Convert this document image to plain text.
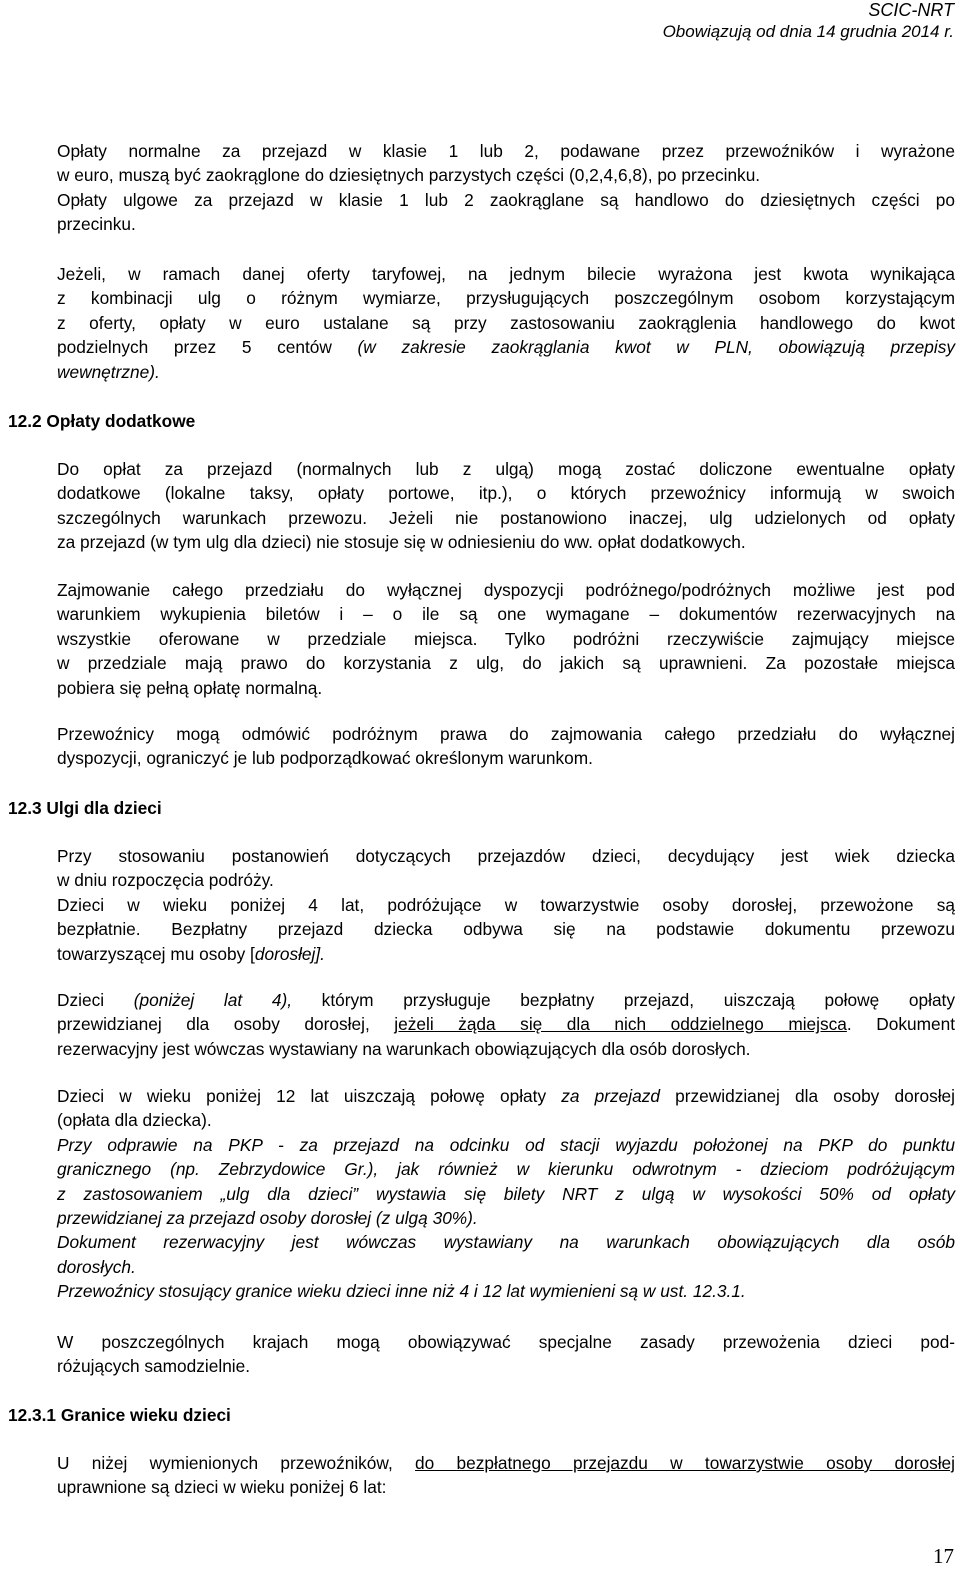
SCIC-NRT
Obowiązują od dnia 14 grudnia 2014 r.
Opłaty normalne za przejazd w klasie 1 lub 2, podawane przez przewoźników i wyrażone
w euro, muszą być zaokrąglone do dziesiętnych parzystych części (0,2,4,6,8), po przecinku.
Opłaty ulgowe za przejazd w klasie 1 lub 2 zaokrąglane są handlowo do dziesiętnych części po
przecinku.
Jeżeli, w ramach danej oferty taryfowej, na jednym bilecie wyrażona jest kwota wynikająca
z kombinacji ulg o różnym wymiarze, przysługujących poszczególnym osobom korzystającym
z oferty, opłaty w euro ustalane są przy zastosowaniu zaokrąglenia handlowego do kwot
podzielnych przez 5 centów (w zakresie zaokrąglania kwot w PLN, obowiązują przepisy
wewnętrzne).
12.2 Opłaty dodatkowe
Do opłat za przejazd (normalnych lub z ulgą) mogą zostać doliczone ewentualne opłaty
dodatkowe (lokalne taksy, opłaty portowe, itp.), o których przewoźnicy informują w swoich
szczególnych warunkach przewozu. Jeżeli nie postanowiono inaczej, ulg udzielonych od opłaty
za przejazd (w tym ulg dla dzieci) nie stosuje się w odniesieniu do ww. opłat dodatkowych.
Zajmowanie całego przedziału do wyłącznej dyspozycji podróżnego/podróżnych możliwe jest pod
warunkiem wykupienia biletów i – o ile są one wymagane – dokumentów rezerwacyjnych na
wszystkie oferowane w przedziale miejsca. Tylko podróżni rzeczywiście zajmujący miejsce
w przedziale mają prawo do korzystania z ulg, do jakich są uprawnieni. Za pozostałe miejsca
pobiera się pełną opłatę normalną.
Przewoźnicy mogą odmówić podróżnym prawa do zajmowania całego przedziału do wyłącznej
dyspozycji, ograniczyć je lub podporządkować określonym warunkom.
12.3 Ulgi dla dzieci
Przy stosowaniu postanowień dotyczących przejazdów dzieci, decydujący jest wiek dziecka
w dniu rozpoczęcia podróży.
Dzieci w wieku poniżej 4 lat, podróżujące w towarzystwie osoby dorosłej, przewożone są
bezpłatnie. Bezpłatny przejazd dziecka odbywa się na podstawie dokumentu przewozu
towarzyszącej mu osoby [dorosłej].
Dzieci (poniżej lat 4), którym przysługuje bezpłatny przejazd, uiszczają połowę opłaty
przewidzianej dla osoby dorosłej, jeżeli żąda się dla nich oddzielnego miejsca. Dokument
rezerwacyjny jest wówczas wystawiany na warunkach obowiązujących dla osób dorosłych.
Dzieci w wieku poniżej 12 lat uiszczają połowę opłaty za przejazd przewidzianej dla osoby dorosłej
(opłata dla dziecka).
Przy odprawie na PKP - za przejazd na odcinku od stacji wyjazdu położonej na PKP do punktu
granicznego (np. Zebrzydowice Gr.), jak również w kierunku odwrotnym - dzieciom podróżującym
z zastosowaniem „ulg dla dzieci” wystawia się bilety NRT z ulgą w wysokości 50% od opłaty
przewidzianej za przejazd osoby dorosłej (z ulgą 30%).
Dokument rezerwacyjny jest wówczas wystawiany na warunkach obowiązujących dla osób
dorosłych.
Przewoźnicy stosujący granice wieku dzieci inne niż 4 i 12 lat wymienieni są w ust. 12.3.1.
W poszczególnych krajach mogą obowiązywać specjalne zasady przewożenia dzieci pod-
różujących samodzielnie.
12.3.1 Granice wieku dzieci
U niżej wymienionych przewoźników, do bezpłatnego przejazdu w towarzystwie osoby dorosłej
uprawnione są dzieci w wieku poniżej 6 lat:
17
